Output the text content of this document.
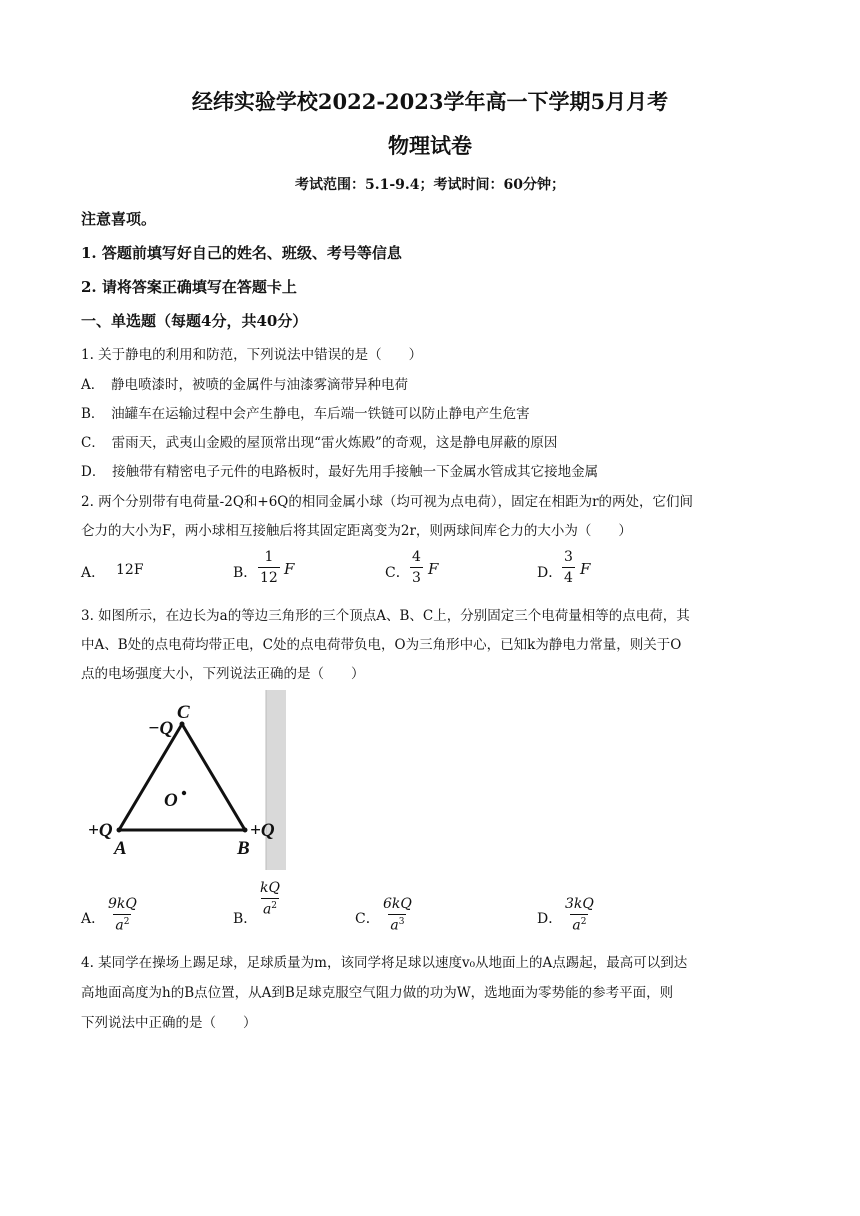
经纬实验学校2022-2023学年高一下学期5月月考
物理试卷
考试范围：5.1-9.4；考试时间：60分钟；
注意喜项。
1. 答题前填写好自己的姓名、班级、考号等信息
2. 请将答案正确填写在答题卡上
一、单选题（每题4分，共40分）
1. 关于静电的利用和防范，下列说法中错误的是（　　）
A．　静电喷漆时，被喷的金属件与油漆雾滴带异种电荷
B．　油罐车在运输过程中会产生静电，车后端一铁链可以防止静电产生危害
C．　雷雨天，武夷山金殿的屋顶常出现“雷火炼殿”的奇观，这是静电屏蔽的原因
D．　接触带有精密电子元件的电路板时，最好先用手接触一下金属水管成其它接地金属
2. 两个分别带有电荷量-2Q和+6Q的相同金属小球（均可视为点电荷），固定在相距为r的两处，它们间
仑力的大小为F，两小球相互接触后将其固定距离变为2r，则两球间库仑力的大小为（　　）
A． 12F	B． $\frac{1}{12}$ F	C． $\frac{4}{3}$ F	D． $\frac{3}{4}$ F
3. 如图所示，在边长为a的等边三角形的三个顶点A、B、C上，分别固定三个电荷量相等的点电荷，其
中A、B处的点电荷均带正电，C处的点电荷带负电，O为三角形中心，已知k为静电力常量，则关于O
点的电场强度大小，下列说法正确的是（　　）
C
−Q
O
+Q
A	B
+Q
A． $\frac{9kQ}{a^2}$	B．
$\frac{kQ}{a^2}$
C． $\frac{6kQ}{a^3}$	D． $\frac{3kQ}{a^2}$
4. 某同学在操场上踢足球，足球质量为m，该同学将足球以速度v₀从地面上的A点踢起，最高可以到达
高地面高度为h的B点位置，从A到B足球克服空气阻力做的功为W，选地面为零势能的参考平面，则
下列说法中正确的是（　　）
